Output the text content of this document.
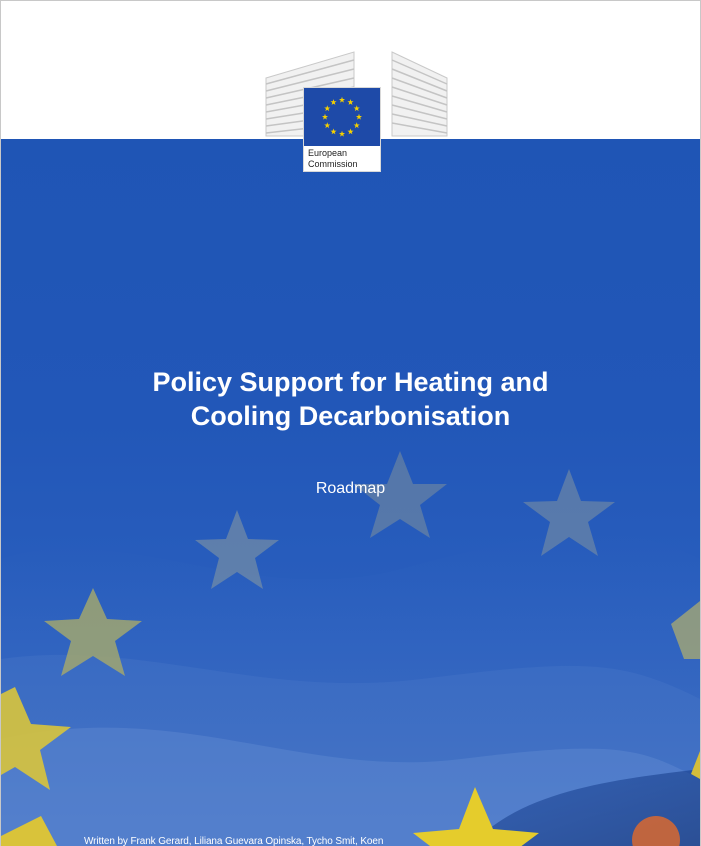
European
Commission
Policy Support for Heating and
Cooling Decarbonisation
Roadmap
Written by Frank Gerard, Liliana Guevara Opinska, Tycho Smit, Koen
